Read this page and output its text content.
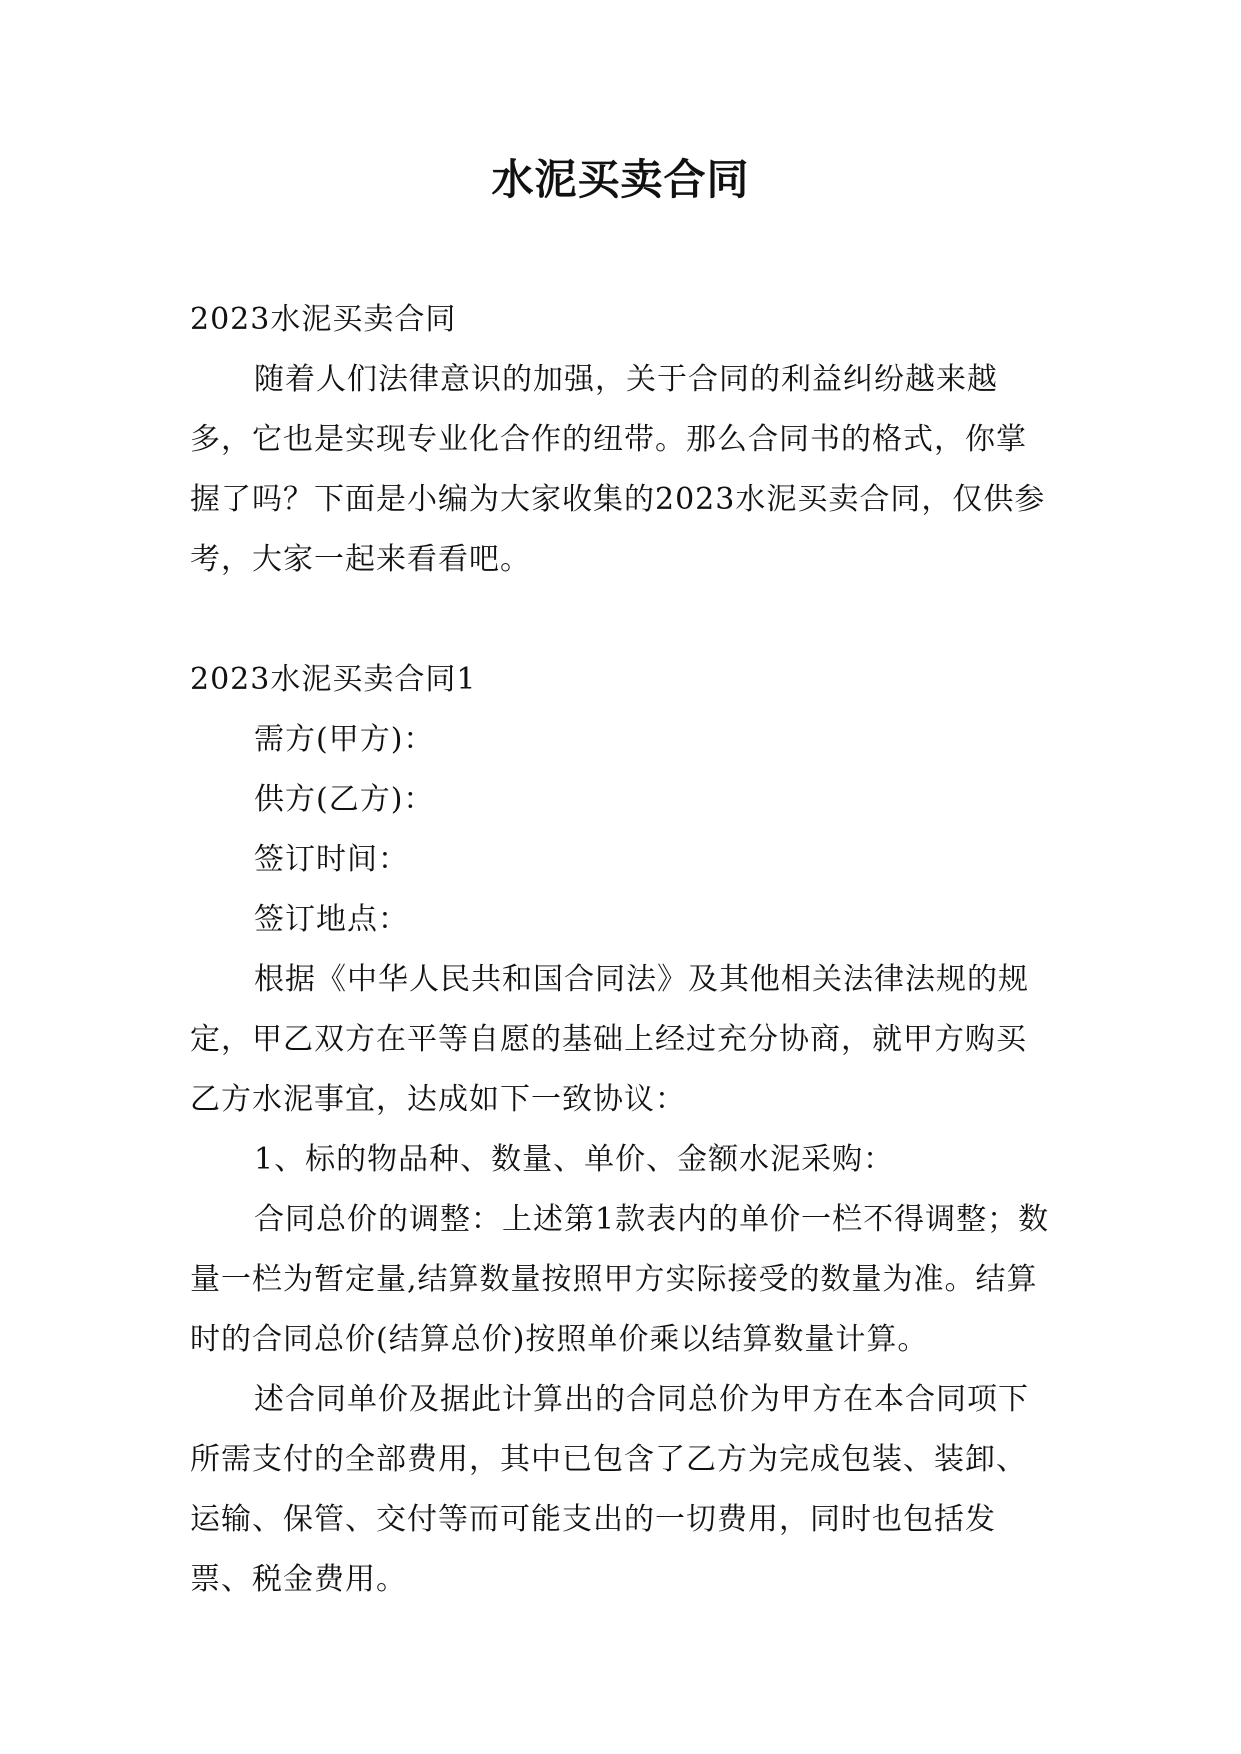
水泥买卖合同

2023水泥买卖合同

随着人们法律意识的加强，关于合同的利益纠纷越来越多，它也是实现专业化合作的纽带。那么合同书的格式，你掌握了吗？下面是小编为大家收集的2023水泥买卖合同，仅供参考，大家一起来看看吧。

2023水泥买卖合同1

需方(甲方)：

供方(乙方)：

签订时间：

签订地点：

根据《中华人民共和国合同法》及其他相关法律法规的规定，甲乙双方在平等自愿的基础上经过充分协商，就甲方购买乙方水泥事宜，达成如下一致协议：

1、标的物品种、数量、单价、金额水泥采购：

合同总价的调整：上述第1款表内的单价一栏不得调整；数量一栏为暂定量,结算数量按照甲方实际接受的数量为准。结算时的合同总价(结算总价)按照单价乘以结算数量计算。

述合同单价及据此计算出的合同总价为甲方在本合同项下所需支付的全部费用，其中已包含了乙方为完成包装、装卸、运输、保管、交付等而可能支出的一切费用，同时也包括发票、税金费用。
